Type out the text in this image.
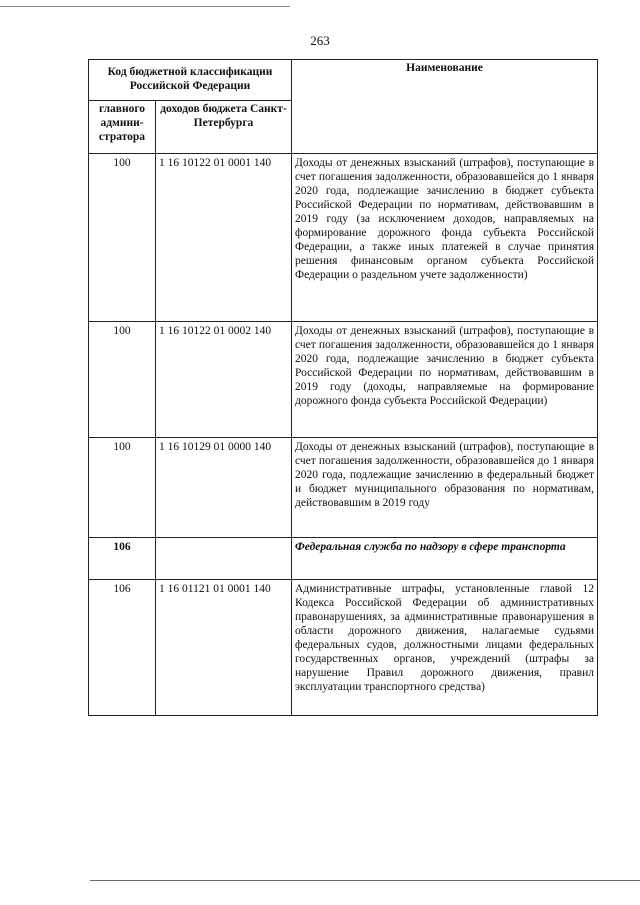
263
Код бюджетной классификации Российской Федерации		Наименование
главного админи-стратора	доходов бюджета Санкт-Петербурга	
100	1 16 10122 01 0001 140	Доходы от денежных взысканий (штрафов), поступающие в счет погашения задолженности, образовавшейся до 1 января 2020 года, подлежащие зачислению в бюджет субъекта Российской Федерации по нормативам, действовавшим в 2019 году (за исключением доходов, направляемых на формирование дорожного фонда субъекта Российской Федерации, а также иных платежей в случае принятия решения финансовым органом субъекта Российской Федерации о раздельном учете задолженности)
100	1 16 10122 01 0002 140	Доходы от денежных взысканий (штрафов), поступающие в счет погашения задолженности, образовавшейся до 1 января 2020 года, подлежащие зачислению в бюджет субъекта Российской Федерации по нормативам, действовавшим в 2019 году (доходы, направляемые на формирование дорожного фонда субъекта Российской Федерации)
100	1 16 10129 01 0000 140	Доходы от денежных взысканий (штрафов), поступающие в счет погашения задолженности, образовавшейся до 1 января 2020 года, подлежащие зачислению в федеральный бюджет и бюджет муниципального образования по нормативам, действовавшим в 2019 году
106		Федеральная служба по надзору в сфере транспорта
106	1 16 01121 01 0001 140	Административные штрафы, установленные главой 12 Кодекса Российской Федерации об административных правонарушениях, за административные правонарушения в области дорожного движения, налагаемые судьями федеральных судов, должностными лицами федеральных государственных органов, учреждений (штрафы за нарушение Правил дорожного движения, правил эксплуатации транспортного средства)
